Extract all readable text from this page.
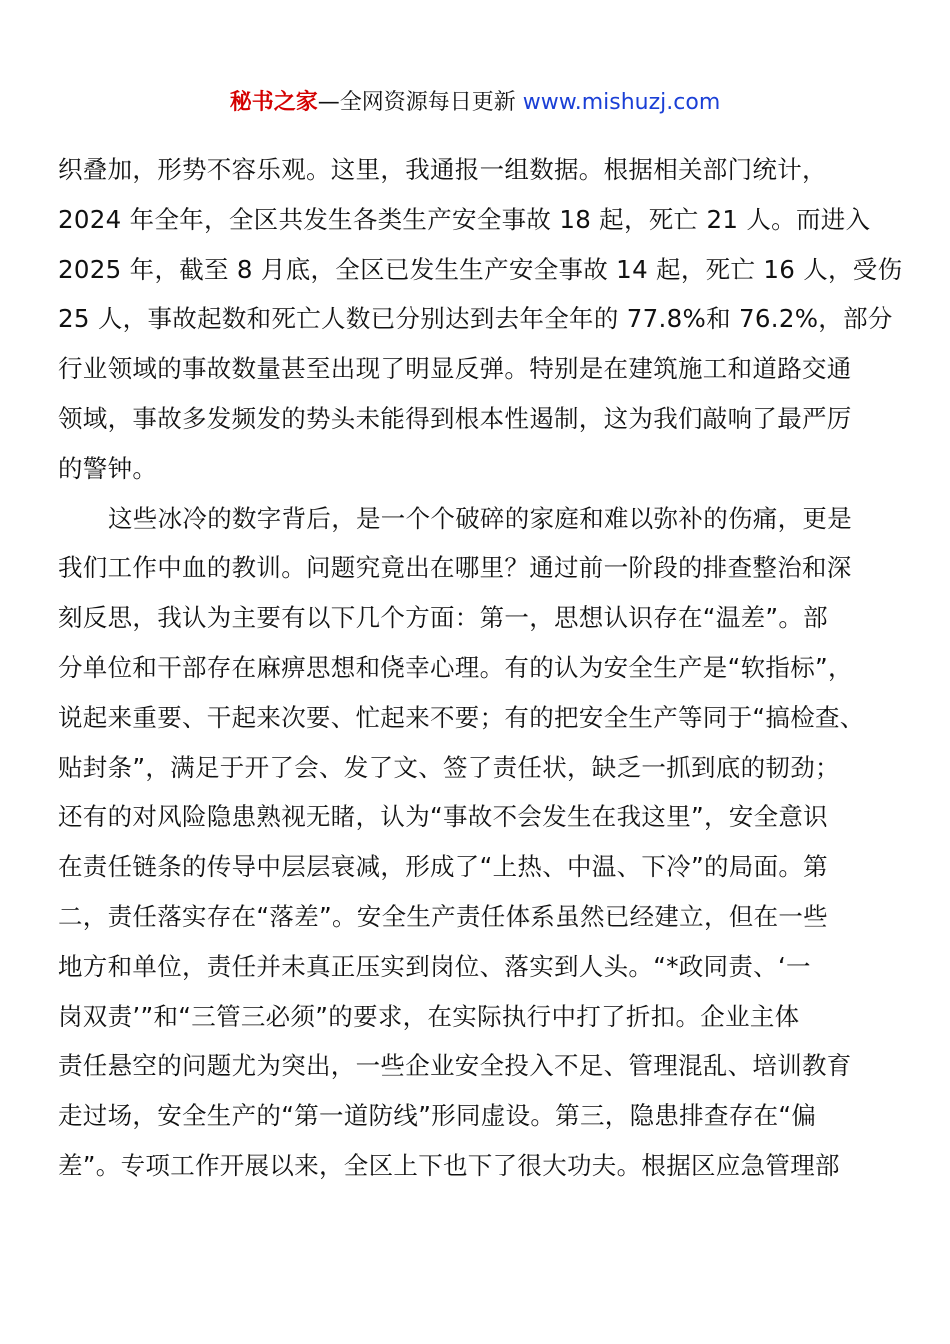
秘书之家—全网资源每日更新 www.mishuzj.com
织叠加，形势不容乐观。这里，我通报一组数据。根据相关部门统计，
2024 年全年，全区共发生各类生产安全事故 18 起，死亡 21 人。而进入
2025 年，截至 8 月底，全区已发生生产安全事故 14 起，死亡 16 人，受伤
25 人，事故起数和死亡人数已分别达到去年全年的 77.8%和 76.2%，部分
行业领域的事故数量甚至出现了明显反弹。特别是在建筑施工和道路交通
领域，事故多发频发的势头未能得到根本性遏制，这为我们敲响了最严厉
的警钟。
这些冰冷的数字背后，是一个个破碎的家庭和难以弥补的伤痛，更是
我们工作中血的教训。问题究竟出在哪里？通过前一阶段的排查整治和深
刻反思，我认为主要有以下几个方面：第一，思想认识存在“温差”。部
分单位和干部存在麻痹思想和侥幸心理。有的认为安全生产是“软指标”，
说起来重要、干起来次要、忙起来不要；有的把安全生产等同于“搞检查、
贴封条”，满足于开了会、发了文、签了责任状，缺乏一抓到底的韧劲；
还有的对风险隐患熟视无睹，认为“事故不会发生在我这里”，安全意识
在责任链条的传导中层层衰减，形成了“上热、中温、下冷”的局面。第
二，责任落实存在“落差”。安全生产责任体系虽然已经建立，但在一些
地方和单位，责任并未真正压实到岗位、落实到人头。“*政同责、‘一
岗双责’”和“三管三必须”的要求，在实际执行中打了折扣。企业主体
责任悬空的问题尤为突出，一些企业安全投入不足、管理混乱、培训教育
走过场，安全生产的“第一道防线”形同虚设。第三，隐患排查存在“偏
差”。专项工作开展以来，全区上下也下了很大功夫。根据区应急管理部
